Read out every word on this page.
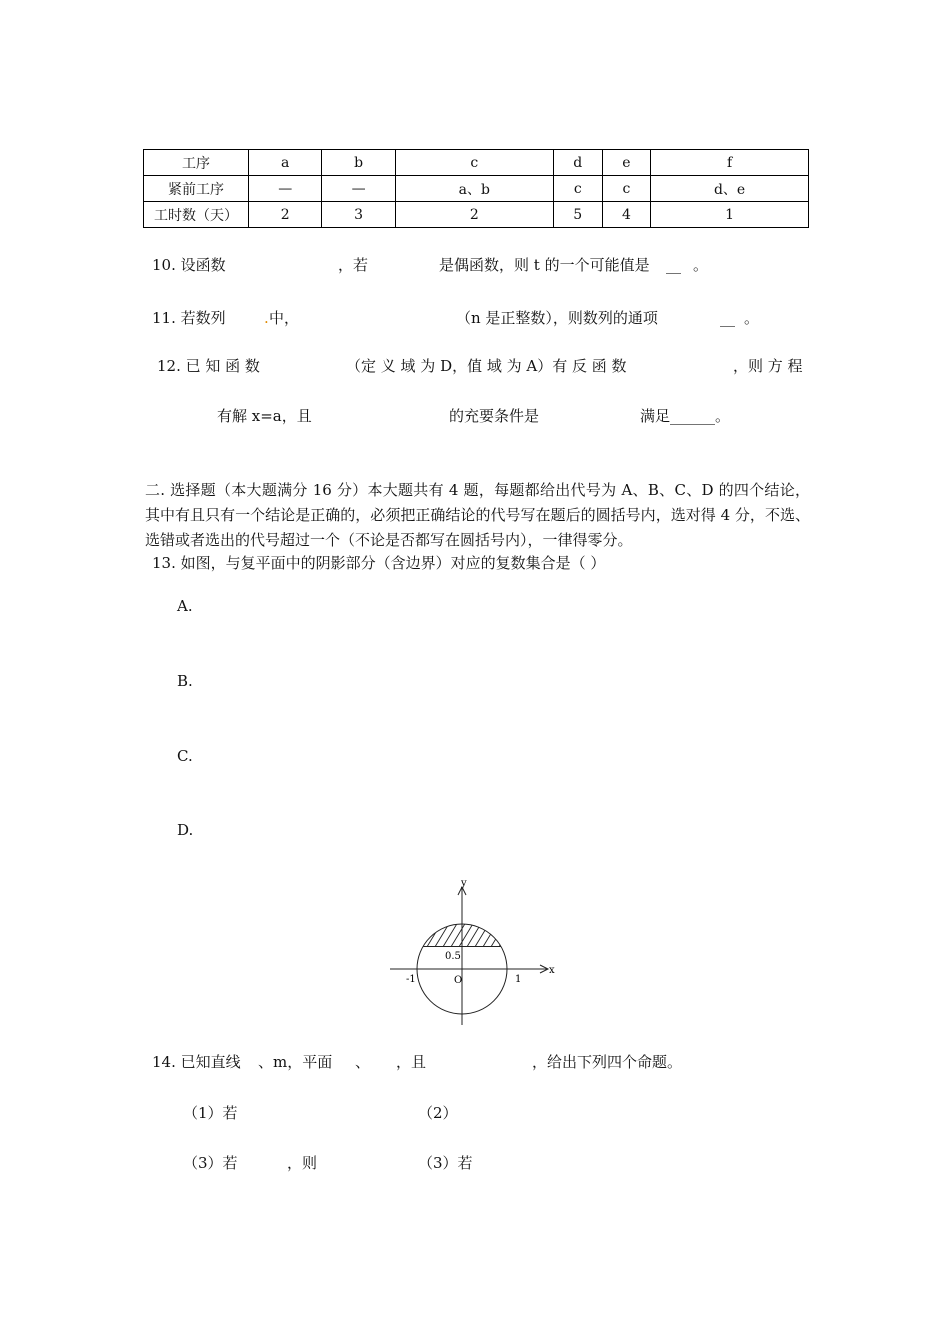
工序	a	b	c	d	e	f
紧前工序	—	—	a、b	c	c	d、e
工时数（天）	2	3	2	5	4	1
10. 设函数	，若	是偶函数，则 t 的一个可能值是 __ 。
11. 若数列	. 中，	（n 是正整数），则数列的通项	__ 。
12. 已 知 函 数	（定 义 域 为 D，值 域 为 A）有 反 函 数	，则 方 程
有解 x=a，且	的充要条件是	满足______。
二. 选择题（本大题满分 16 分）本大题共有 4 题，每题都给出代号为 A、B、C、D 的四个结论，其中有且只有一个结论是正确的，必须把正确结论的代号写在题后的圆括号内，选对得 4 分，不选、选错或者选出的代号超过一个（不论是否都写在圆括号内），一律得零分。
13. 如图，与复平面中的阴影部分（含边界）对应的复数集合是（ ）
A.
B.
C.
D.
y
x
O
-1	1
0.5
14. 已知直线 、m，平面 、 ，且	，给出下列四个命题。
（1）若	（2）
（3）若	，则	（3）若
